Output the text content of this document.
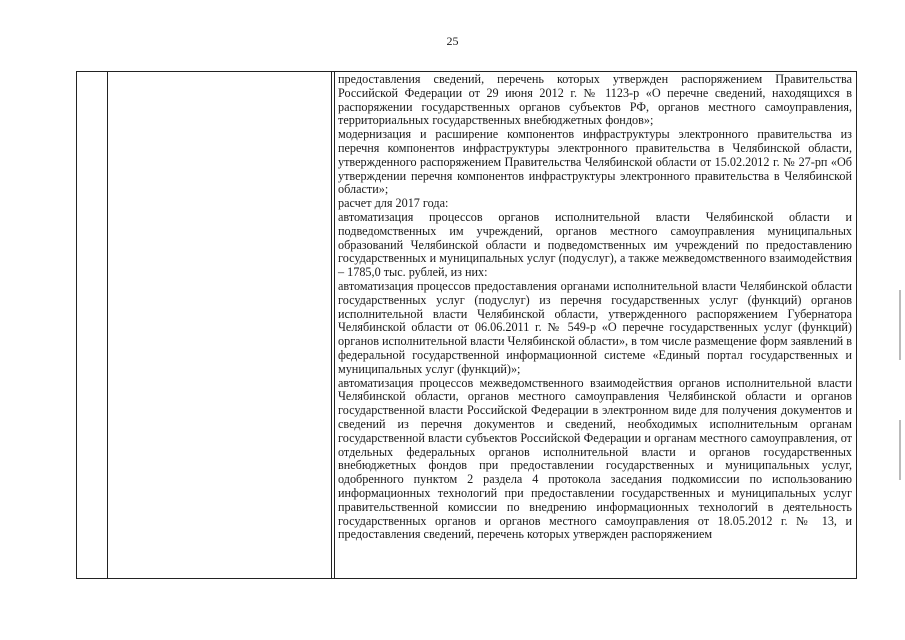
25

предоставления сведений, перечень которых утвержден распоряжением Правительства Российской Федерации от 29 июня 2012 г. № 1123-р «О перечне сведений, находящихся в распоряжении государственных органов субъектов РФ, органов местного самоуправления, территориальных государственных внебюджетных фондов»;

модернизация и расширение компонентов инфраструктуры электронного правительства из перечня компонентов инфраструктуры электронного правительства в Челябинской области, утвержденного распоряжением Правительства Челябинской области от 15.02.2012 г. № 27-рп «Об утверждении перечня компонентов инфраструктуры электронного правительства в Челябинской области»;

расчет для 2017 года:

автоматизация процессов органов исполнительной власти Челябинской области и подведомственных им учреждений, органов местного самоуправления муниципальных образований Челябинской области и подведомственных им учреждений по предоставлению государственных и муниципальных услуг (подуслуг), а также межведомственного взаимодействия – 1785,0 тыс. рублей, из них:

автоматизация процессов предоставления органами исполнительной власти Челябинской области государственных услуг (подуслуг) из перечня государственных услуг (функций) органов исполнительной власти Челябинской области, утвержденного распоряжением Губернатора Челябинской области от 06.06.2011 г. № 549-р «О перечне государственных услуг (функций) органов исполнительной власти Челябинской области», в том числе размещение форм заявлений в федеральной государственной информационной системе «Единый портал государственных и муниципальных услуг (функций)»;

автоматизация процессов межведомственного взаимодействия органов исполнительной власти Челябинской области, органов местного самоуправления Челябинской области и органов государственной власти Российской Федерации в электронном виде для получения документов и сведений из перечня документов и сведений, необходимых исполнительным органам государственной власти субъектов Российской Федерации и органам местного самоуправления, от отдельных федеральных органов исполнительной власти и органов государственных внебюджетных фондов при предоставлении государственных и муниципальных услуг, одобренного пунктом 2 раздела 4 протокола заседания подкомиссии по использованию информационных технологий при предоставлении государственных и муниципальных услуг правительственной комиссии по внедрению информационных технологий в деятельность государственных органов и органов местного самоуправления от 18.05.2012 г. № 13, и предоставления сведений, перечень которых утвержден распоряжением
